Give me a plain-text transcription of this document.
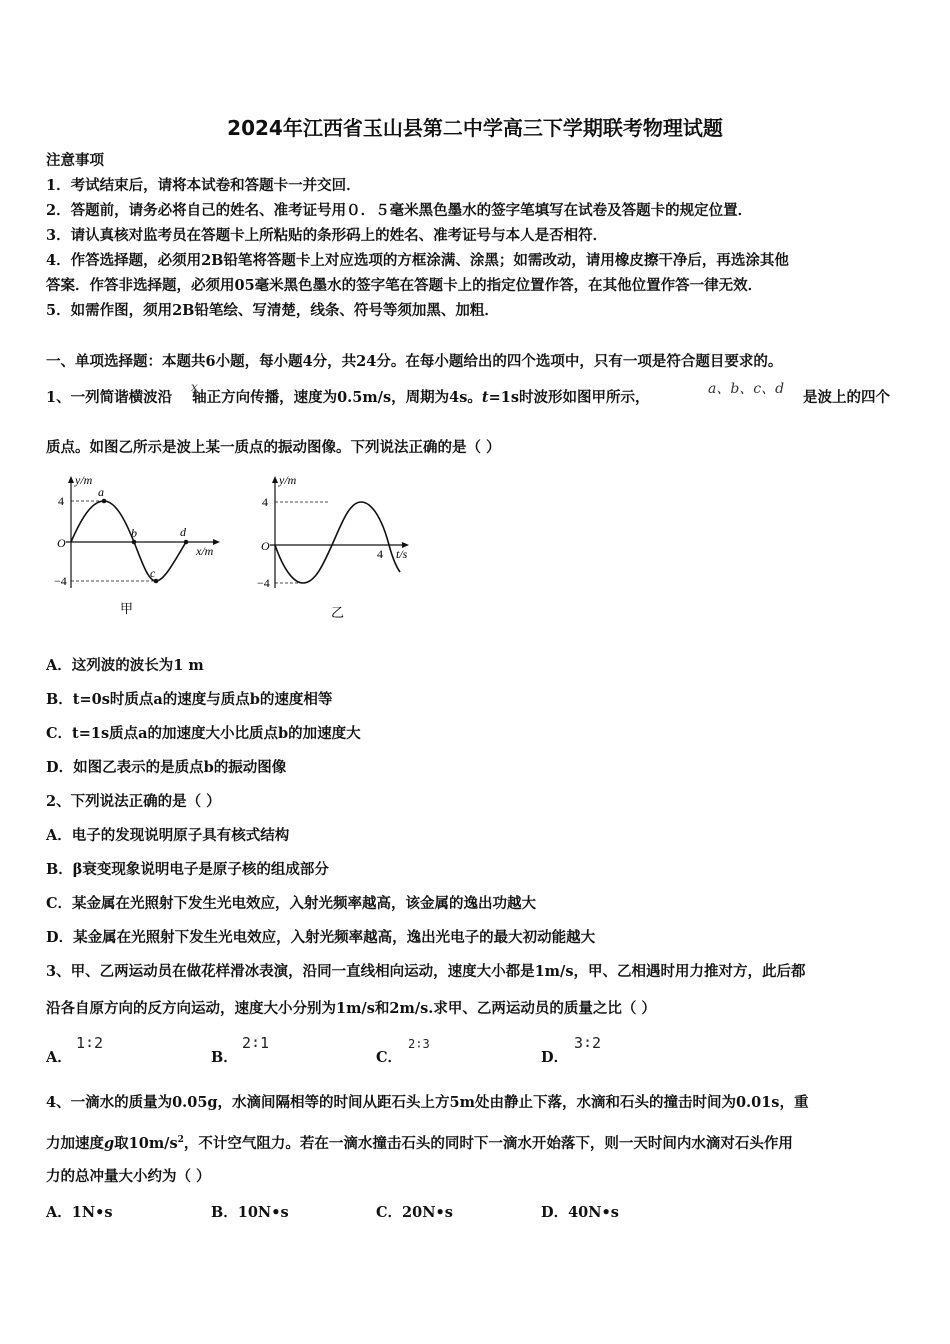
2024年江西省玉山县第二中学高三下学期联考物理试题
注意事项
1．考试结束后，请将本试卷和答题卡一并交回．
2．答题前，请务必将自己的姓名、准考证号用０．５毫米黑色墨水的签字笔填写在试卷及答题卡的规定位置．
3．请认真核对监考员在答题卡上所粘贴的条形码上的姓名、准考证号与本人是否相符．
4．作答选择题，必须用2B铅笔将答题卡上对应选项的方框涂满、涂黑；如需改动，请用橡皮擦干净后，再选涂其他
答案．作答非选择题，必须用05毫米黑色墨水的签字笔在答题卡上的指定位置作答，在其他位置作答一律无效．
5．如需作图，须用2B铅笔绘、写清楚，线条、符号等须加黑、加粗．
一、单项选择题：本题共6小题，每小题4分，共24分。在每小题给出的四个选项中，只有一项是符合题目要求的。
1、一列简谐横波沿 轴正方向传播，速度为0.5m/s，周期为4s。t=1s时波形如图甲所示，
x	a、b、c、d 是波上的四个
质点。如图乙所示是波上某一质点的振动图像。下列说法正确的是（ ）
y/m
4
−4
O
x/m
a
b
c
d
甲
y/m
4
−4
O
4 t/s
乙
A．这列波的波长为1 m
B．t=0s时质点a的速度与质点b的速度相等
C．t=1s质点a的加速度大小比质点b的加速度大
D．如图乙表示的是质点b的振动图像
2、下列说法正确的是（ ）
A．电子的发现说明原子具有核式结构
B．β衰变现象说明电子是原子核的组成部分
C．某金属在光照射下发生光电效应，入射光频率越高，该金属的逸出功越大
D．某金属在光照射下发生光电效应，入射光频率越高，逸出光电子的最大初动能越大
3、甲、乙两运动员在做花样滑冰表演，沿同一直线相向运动，速度大小都是1m/s，甲、乙相遇时用力推对方，此后都
沿各自原方向的反方向运动，速度大小分别为1m/s和2m/s.求甲、乙两运动员的质量之比（ ）
A．
1∶2
B．
2∶1
C．
2∶3
D．
3∶2
4、一滴水的质量为0.05g，水滴间隔相等的时间从距石头上方5m处由静止下落，水滴和石头的撞击时间为0.01s，重
力加速度g取$10m/s^2$，不计空气阻力。若在一滴水撞击石头的同时下一滴水开始落下，则一天时间内水滴对石头作用
力的总冲量大小约为（ ）
A．1N•s	B．10N•s	C．20N•s	D．40N•s
